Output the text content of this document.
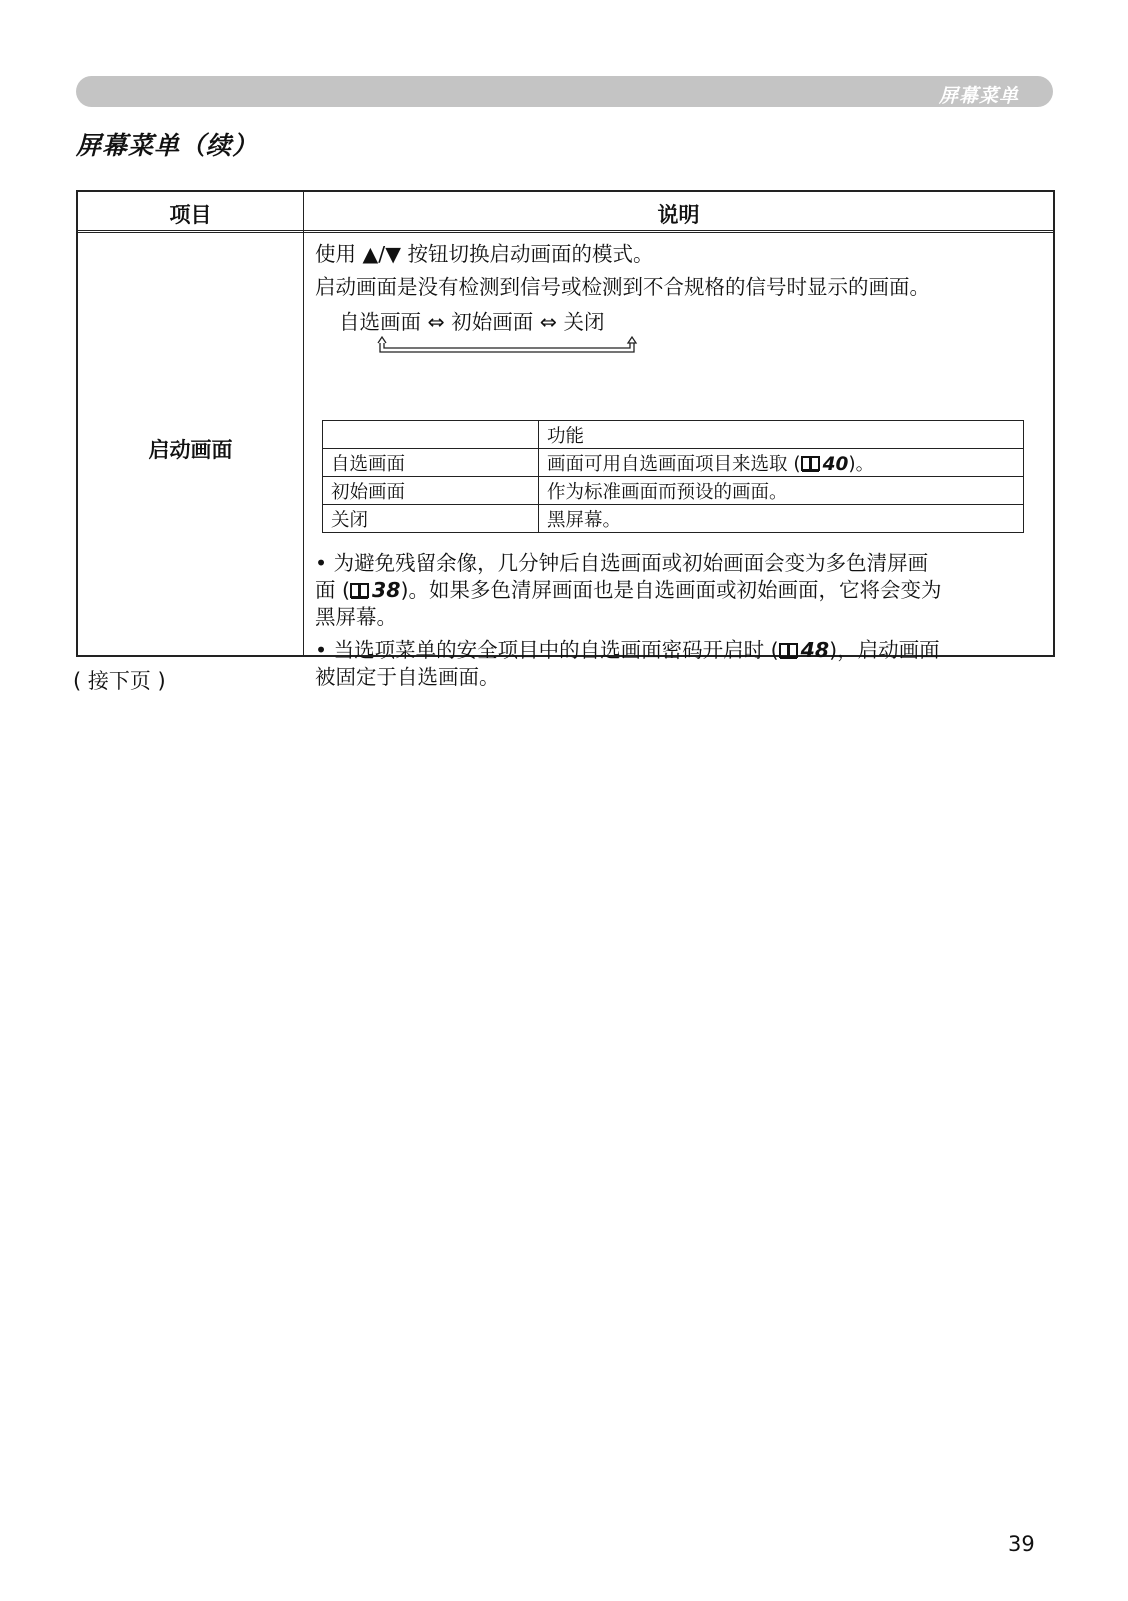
屏幕菜单
屏幕菜单（续）
项目	说明
启动画面
使用 ▲/▼ 按钮切换启动画面的模式。
启动画面是没有检测到信号或检测到不合规格的信号时显示的画面。
自选画面 ⇔ 初始画面 ⇔ 关闭
	功能
自选画面	画面可用自选画面项目来选取 ( 40)。
初始画面	作为标准画面而预设的画面。
关闭	黑屏幕。
• 为避免残留余像，几分钟后自选画面或初始画面会变为多色清屏画
面 ( 38)。如果多色清屏画面也是自选画面或初始画面，它将会变为
黑屏幕。
• 当选项菜单的安全项目中的自选画面密码开启时 ( 48)，启动画面
被固定于自选画面。
( 接下页 )
39
